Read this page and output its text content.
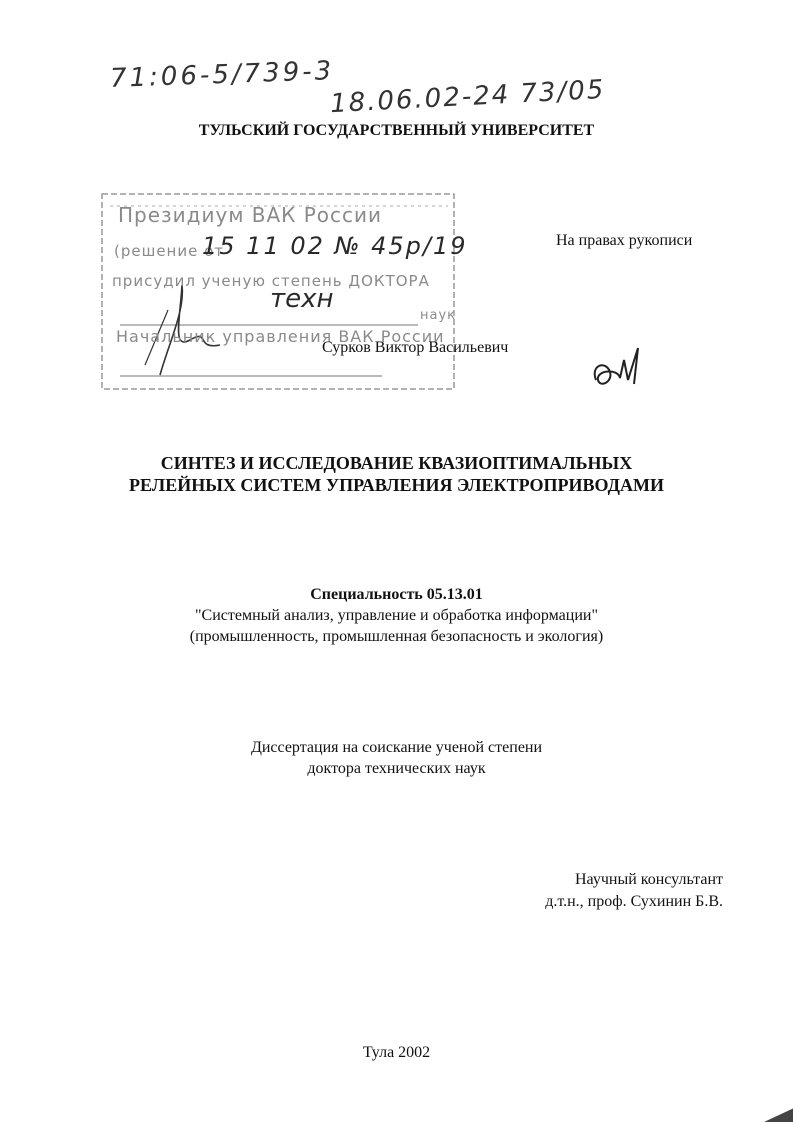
71:06-5/739-3
18.06.02-24 73/05
ТУЛЬСКИЙ ГОСУДАРСТВЕННЫЙ УНИВЕРСИТЕТ
На правах рукописи
Президиум ВАК России
(решение от
присудил ученую степень ДОКТОРА
наук
Начальник управления ВАК России
15 11 02 № 45р/19
техн
Сурков Виктор Васильевич
СИНТЕЗ И ИССЛЕДОВАНИЕ КВАЗИОПТИМАЛЬНЫХ
РЕЛЕЙНЫХ СИСТЕМ УПРАВЛЕНИЯ ЭЛЕКТРОПРИВОДАМИ
Специальность 05.13.01
"Системный анализ, управление и обработка информации"
(промышленность, промышленная безопасность и экология)
Диссертация на соискание ученой степени
доктора технических наук
Научный консультант
д.т.н., проф. Сухинин Б.В.
Тула 2002
